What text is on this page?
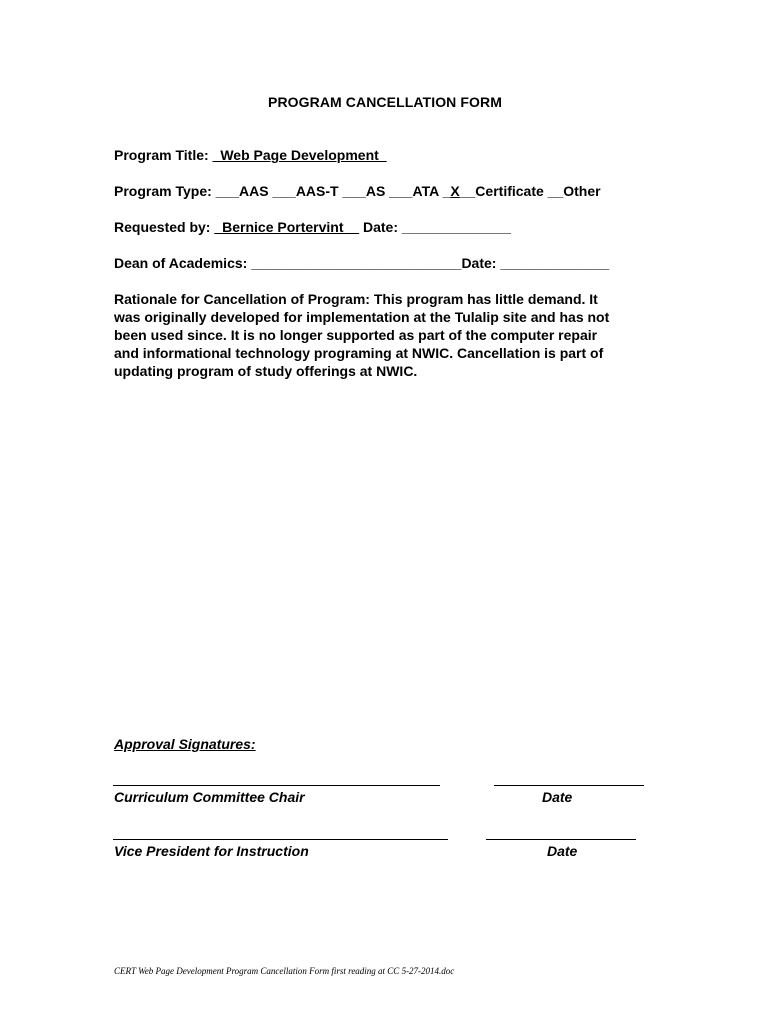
PROGRAM CANCELLATION FORM
Program Title: _Web Page Development_
Program Type: ___AAS ___AAS-T ___AS ___ATA _X__Certificate __Other
Requested by: _Bernice Portervint__ Date: ______________
Dean of Academics: ___________________________Date: ______________
Rationale for Cancellation of Program: This program has little demand. It
was originally developed for implementation at the Tulalip site and has not
been used since. It is no longer supported as part of the computer repair
and informational technology programing at NWIC. Cancellation is part of
updating program of study offerings at NWIC.
Approval Signatures:
Curriculum Committee Chair	Date
Vice President for Instruction	Date
CERT Web Page Development Program Cancellation Form first reading at CC 5-27-2014.doc
